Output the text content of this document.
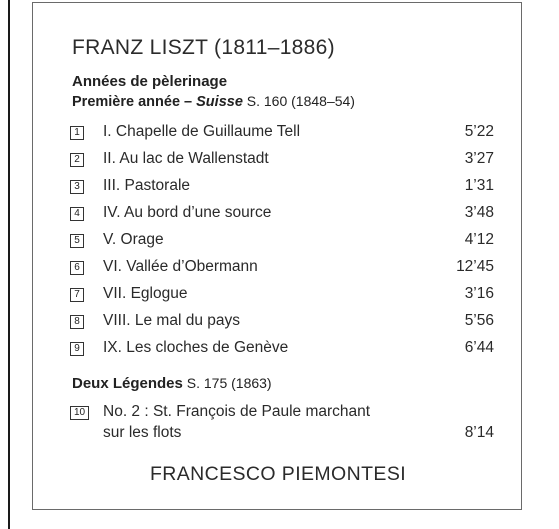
FRANZ LISZT (1811–1886)
Années de pèlerinage
Première année – Suisse S. 160 (1848–54)
1 I. Chapelle de Guillaume Tell	5’22
2 II. Au lac de Wallenstadt	3’27
3 III. Pastorale	1’31
4 IV. Au bord d’une source	3’48
5 V. Orage	4’12
6 VI. Vallée d’Obermann	12’45
7 VII. Eglogue	3’16
8 VIII. Le mal du pays	5’56
9 IX. Les cloches de Genève	6’44
Deux Légendes S. 175 (1863)
10 No. 2 : St. François de Paule marchant
sur les flots	8’14
FRANCESCO PIEMONTESI
